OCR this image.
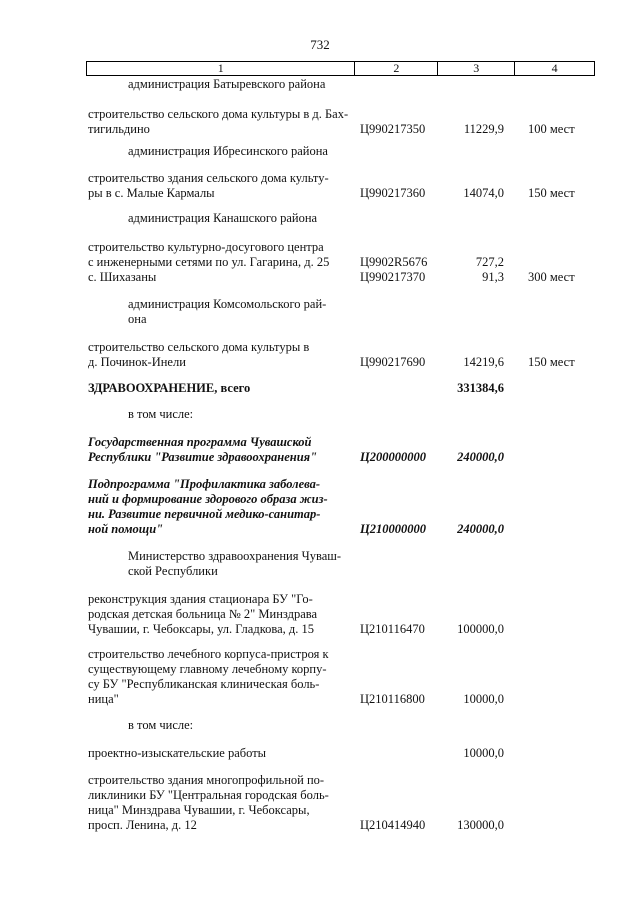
732
1	2	3	4
администрация Батыревского района
строительство сельского дома культуры в д. Бах-
тигильдино	Ц990217350	11229,9 100 мест
администрация Ибресинского района
строительство здания сельского дома культу-
ры в с. Малые Кармалы	Ц990217360	14074,0 150 мест
администрация Канашского района
строительство культурно-досугового центра
с инженерными сетями по ул. Гагарина, д. 25
с. Шихазаны
Ц9902R5676	727,2
Ц990217370	91,3 300 мест
администрация Комсомольского рай-
она
строительство сельского дома культуры в
д. Починок-Инели	Ц990217690	14219,6 150 мест
ЗДРАВООХРАНЕНИЕ, всего	331384,6
в том числе:
Государственная программа Чувашской
Республики "Развитие здравоохранения"	Ц200000000	240000,0
Подпрограмма "Профилактика заболева-
ний и формирование здорового образа жиз-
ни. Развитие первичной медико-санитар-
ной помощи"	Ц210000000	240000,0
Министерство здравоохранения Чуваш-
ской Республики
реконструкция здания стационара БУ "Го-
родская детская больница № 2" Минздрава
Чувашии, г. Чебоксары, ул. Гладкова, д. 15	Ц210116470	100000,0
строительство лечебного корпуса-пристроя к
существующему главному лечебному корпу-
су БУ "Республиканская клиническая боль-
ница"	Ц210116800	10000,0
в том числе:
проектно-изыскательские работы	10000,0
строительство здания многопрофильной по-
ликлиники БУ "Центральная городская боль-
ница" Минздрава Чувашии, г. Чебоксары,
просп. Ленина, д. 12	Ц210414940	130000,0
